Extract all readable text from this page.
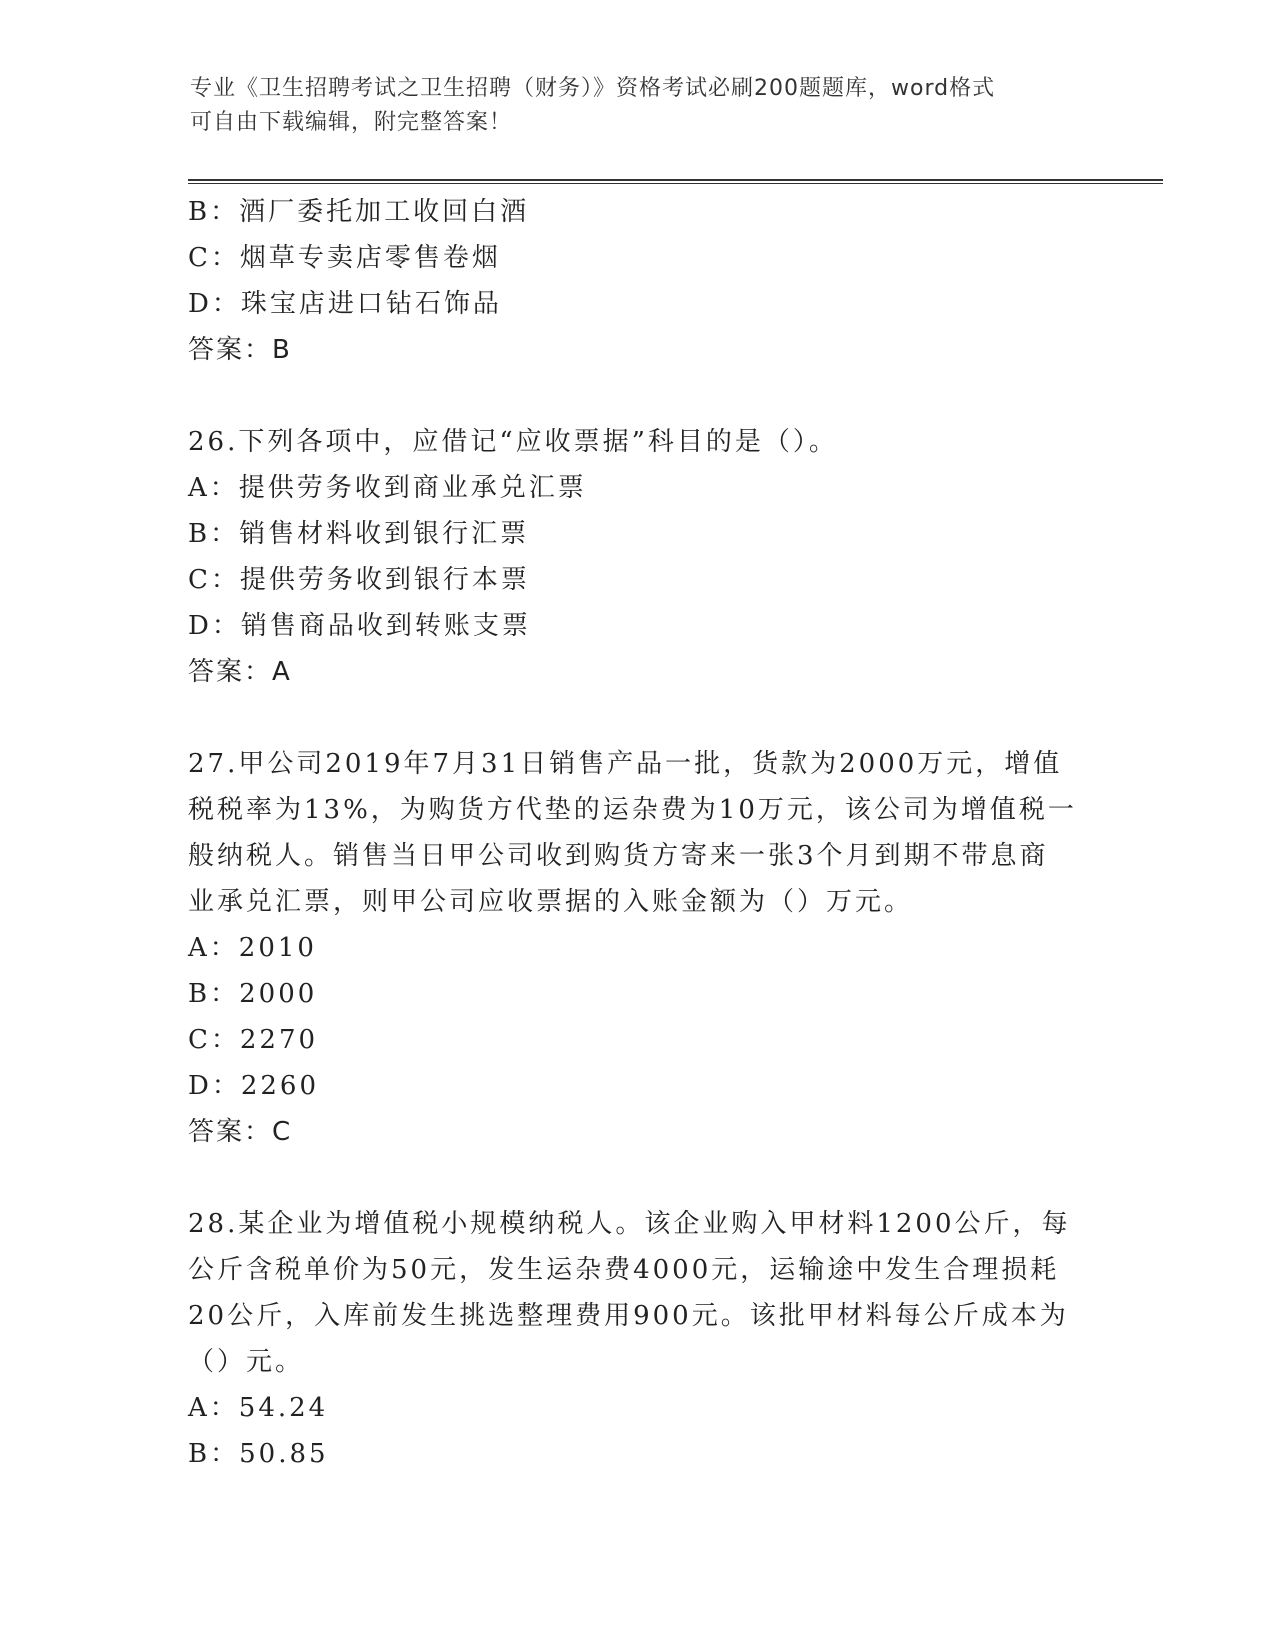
专业《卫生招聘考试之卫生招聘（财务）》资格考试必刷200题题库，word格式
可自由下载编辑，附完整答案！
B：酒厂委托加工收回白酒
C：烟草专卖店零售卷烟
D：珠宝店进口钻石饰品
答案：B
26.下列各项中，应借记“应收票据”科目的是（）。
A：提供劳务收到商业承兑汇票
B：销售材料收到银行汇票
C：提供劳务收到银行本票
D：销售商品收到转账支票
答案：A
27.甲公司2019年7月31日销售产品一批，货款为2000万元，增值
税税率为13%，为购货方代垫的运杂费为10万元，该公司为增值税一
般纳税人。销售当日甲公司收到购货方寄来一张3个月到期不带息商
业承兑汇票，则甲公司应收票据的入账金额为（）万元。
A：2010
B：2000
C：2270
D：2260
答案：C
28.某企业为增值税小规模纳税人。该企业购入甲材料1200公斤，每
公斤含税单价为50元，发生运杂费4000元，运输途中发生合理损耗
20公斤，入库前发生挑选整理费用900元。该批甲材料每公斤成本为
（）元。
A：54.24
B：50.85
